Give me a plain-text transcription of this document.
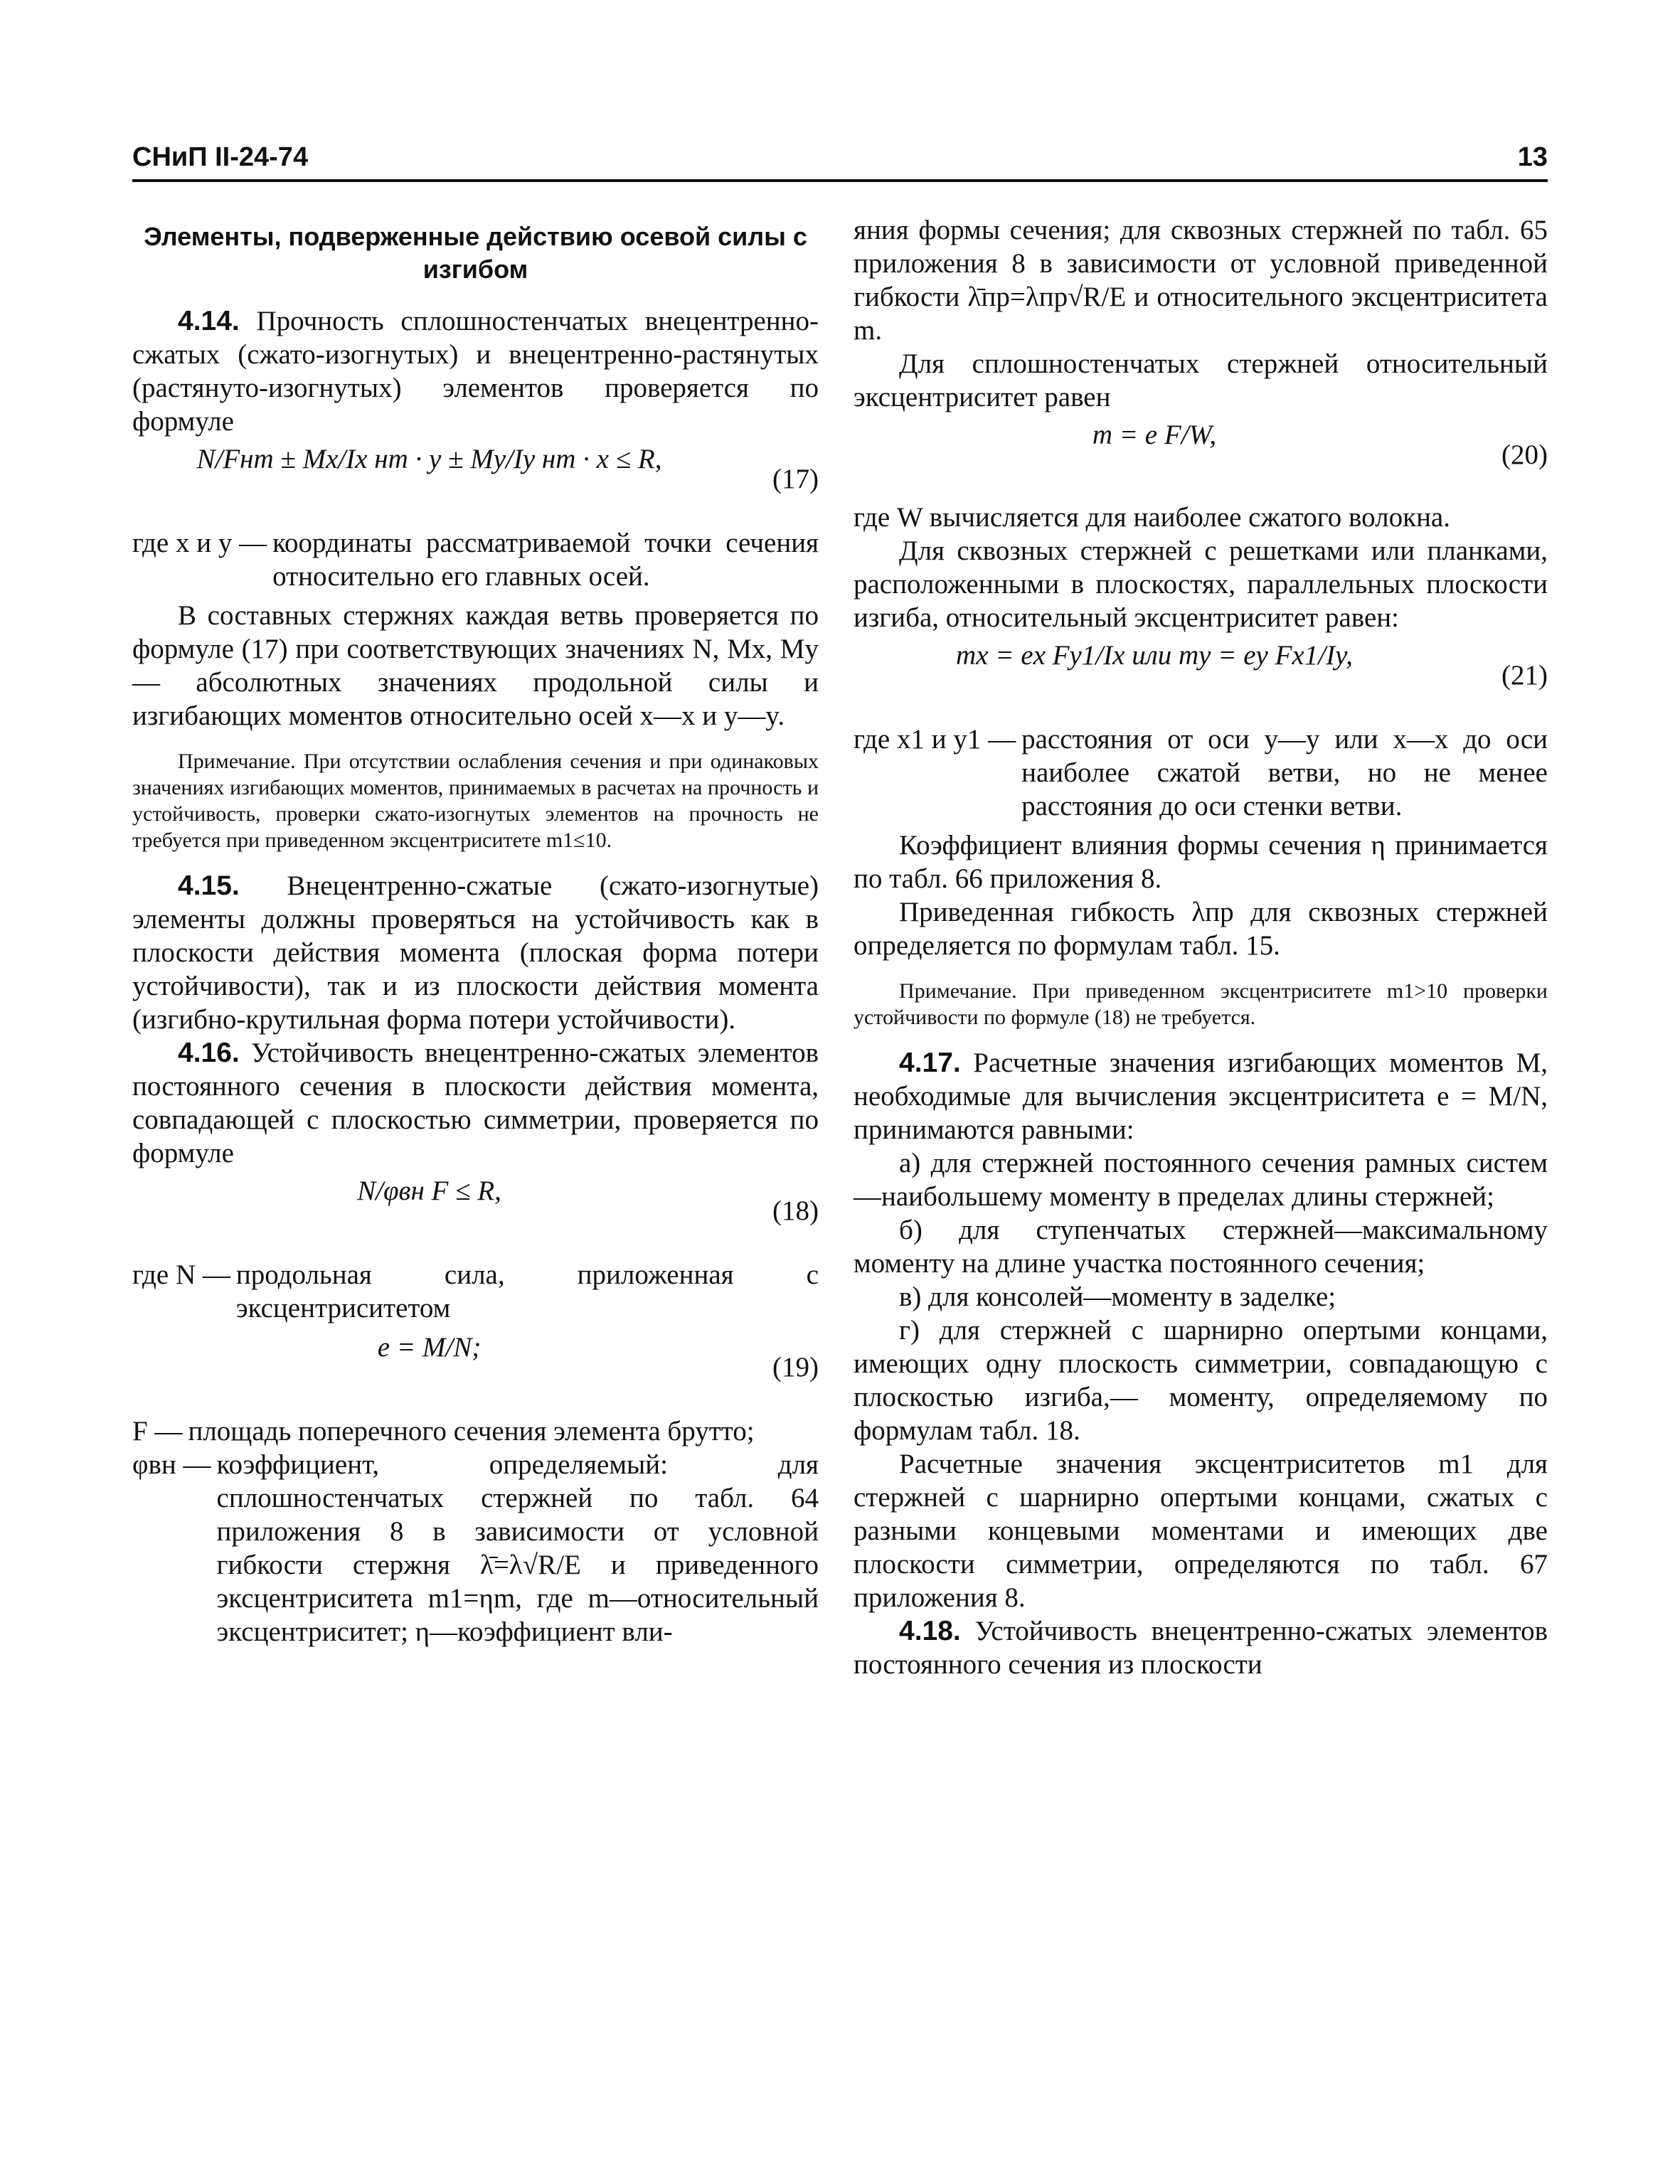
СНиП II-24-74	13
Элементы, подверженные действию осевой силы с изгибом

4.14. Прочность сплошностенчатых внецентренно-сжатых (сжато-изогнутых) и внецентренно-растянутых (растянуто-изогнутых) элементов проверяется по формуле

N/Fнт ± Mx/Ix нт · y ± My/Iy нт · x ≤ R,
(17)
где x и y — координаты рассматриваемой точки сечения относительно его главных осей.

В составных стержнях каждая ветвь проверяется по формуле (17) при соответствующих значениях N, Mx, My — абсолютных значениях продольной силы и изгибающих моментов относительно осей x—x и y—y.

Примечание. При отсутствии ослабления сечения и при одинаковых значениях изгибающих моментов, принимаемых в расчетах на прочность и устойчивость, проверки сжато-изогнутых элементов на прочность не требуется при приведенном эксцентриситете m1≤10.

4.15. Внецентренно-сжатые (сжато-изогнутые) элементы должны проверяться на устойчивость как в плоскости действия момента (плоская форма потери устойчивости), так и из плоскости действия момента (изгибно-крутильная форма потери устойчивости).

4.16. Устойчивость внецентренно-сжатых элементов постоянного сечения в плоскости действия момента, совпадающей с плоскостью симметрии, проверяется по формуле

N/φвн F ≤ R,
(18)
где N — продольная сила, приложенная с эксцентриситетом
e = M/N;
(19)
F — площадь поперечного сечения элемента брутто;
φвн — коэффициент, определяемый: для сплошностенчатых стержней по табл. 64 приложения 8 в зависимости от условной гибкости стержня λ̄=λ√R/E и приведенного эксцентриситета m1=ηm, где m—относительный эксцентриситет; η—коэффициент вли-

яния формы сечения; для сквозных стержней по табл. 65 приложения 8 в зависимости от условной приведенной гибкости λ̄пр=λпр√R/E и относительного эксцентриситета m.

Для сплошностенчатых стержней относительный эксцентриситет равен

m = e F/W,
(20)

где W вычисляется для наиболее сжатого волокна.

Для сквозных стержней с решетками или планками, расположенными в плоскостях, параллельных плоскости изгиба, относительный эксцентриситет равен:

mx = ex Fy1/Ix или my = ey Fx1/Iy,
(21)
где x1 и y1 — расстояния от оси y—y или x—x до оси наиболее сжатой ветви, но не менее расстояния до оси стенки ветви.

Коэффициент влияния формы сечения η принимается по табл. 66 приложения 8.

Приведенная гибкость λпр для сквозных стержней определяется по формулам табл. 15.

Примечание. При приведенном эксцентриситете m1>10 проверки устойчивости по формуле (18) не требуется.

4.17. Расчетные значения изгибающих моментов M, необходимые для вычисления эксцентриситета e = M/N, принимаются равными:

а) для стержней постоянного сечения рамных систем—наибольшему моменту в пределах длины стержней;

б) для ступенчатых стержней—максимальному моменту на длине участка постоянного сечения;

в) для консолей—моменту в заделке;

г) для стержней с шарнирно опертыми концами, имеющих одну плоскость симметрии, совпадающую с плоскостью изгиба,— моменту, определяемому по формулам табл. 18.

Расчетные значения эксцентриситетов m1 для стержней с шарнирно опертыми концами, сжатых с разными концевыми моментами и имеющих две плоскости симметрии, определяются по табл. 67 приложения 8.

4.18. Устойчивость внецентренно-сжатых элементов постоянного сечения из плоскости
